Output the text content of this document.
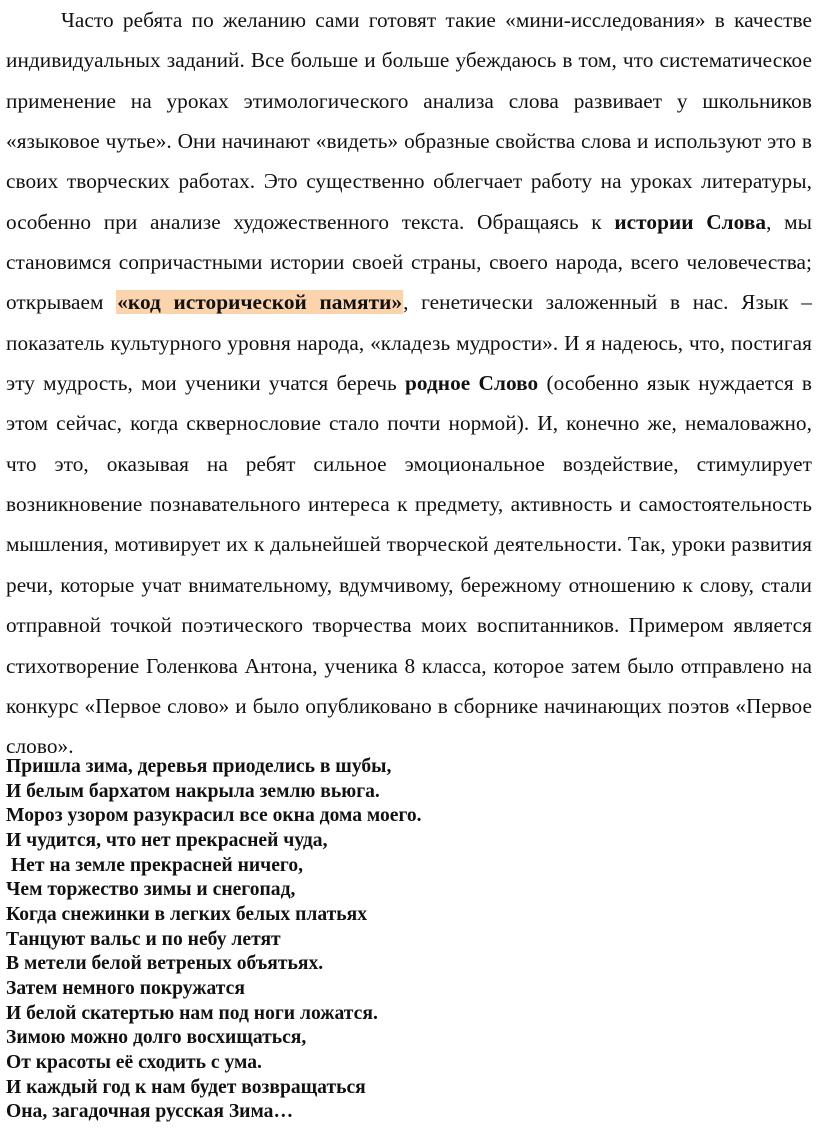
Часто ребята по желанию сами готовят такие «мини-исследования» в качестве индивидуальных заданий. Все больше и больше убеждаюсь в том, что систематическое применение на уроках этимологического анализа слова развивает у школьников «языковое чутье». Они начинают «видеть» образные свойства слова и используют это в своих творческих работах. Это существенно облегчает работу на уроках литературы, особенно при анализе художественного текста. Обращаясь к истории Слова, мы становимся сопричастными истории своей страны, своего народа, всего человечества; открываем «код исторической памяти», генетически заложенный в нас. Язык – показатель культурного уровня народа, «кладезь мудрости». И я надеюсь, что, постигая эту мудрость, мои ученики учатся беречь родное Слово (особенно язык нуждается в этом сейчас, когда сквернословие стало почти нормой). И, конечно же, немаловажно, что это, оказывая на ребят сильное эмоциональное воздействие, стимулирует возникновение познавательного интереса к предмету, активность и самостоятельность мышления, мотивирует их к дальнейшей творческой деятельности. Так, уроки развития речи, которые учат внимательному, вдумчивому, бережному отношению к слову, стали отправной точкой поэтического творчества моих воспитанников. Примером является стихотворение Голенкова Антона, ученика 8 класса, которое затем было отправлено на конкурс «Первое слово» и было опубликовано в сборнике начинающих поэтов «Первое слово».

Пришла зима, деревья приоделись в шубы,
И белым бархатом накрыла землю вьюга.
Мороз узором разукрасил все окна дома моего.
И чудится, что нет прекрасней чуда,
Нет на земле прекрасней ничего,
Чем торжество зимы и снегопад,
Когда снежинки в легких белых платьях
Танцуют вальс и по небу летят
В метели белой ветреных объятьях.
Затем немного покружатся
И белой скатертью нам под ноги ложатся.
Зимою можно долго восхищаться,
От красоты её сходить с ума.
И каждый год к нам будет возвращаться
Она, загадочная русская Зима…
